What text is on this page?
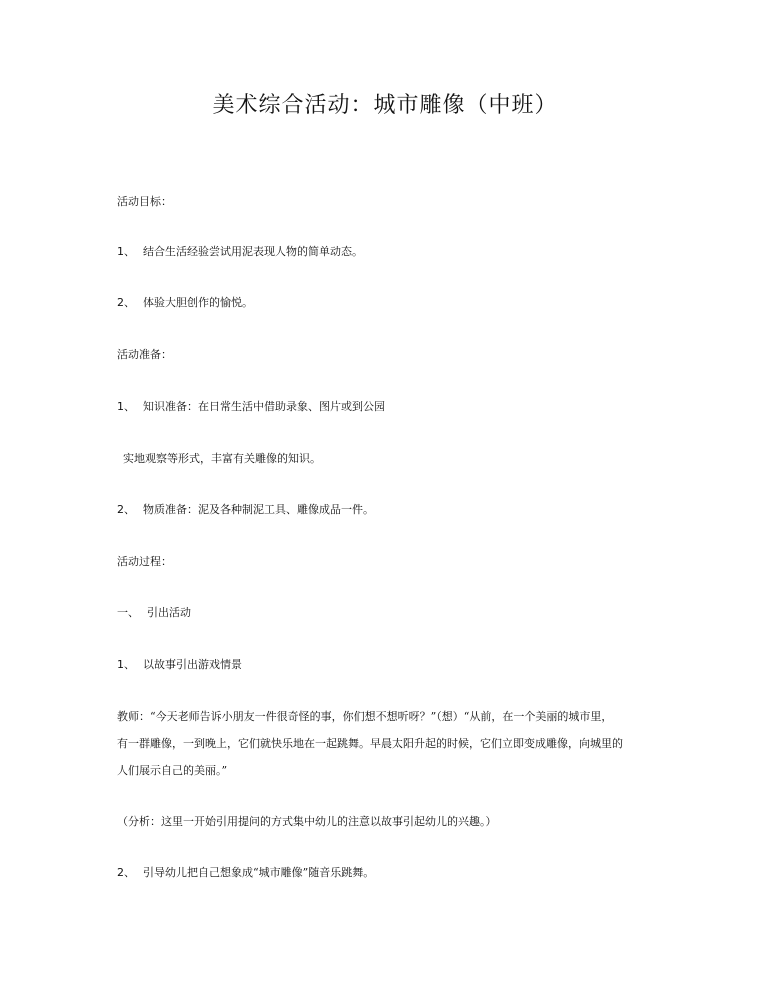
美术综合活动：城市雕像（中班）
活动目标：
1、 结合生活经验尝试用泥表现人物的简单动态。
2、 体验大胆创作的愉悦。
活动准备：
1、 知识准备：在日常生活中借助录象、图片或到公园
实地观察等形式，丰富有关雕像的知识。
2、 物质准备：泥及各种制泥工具、雕像成品一件。
活动过程：
一、 引出活动
1、 以故事引出游戏情景
教师：“今天老师告诉小朋友一件很奇怪的事，你们想不想听呀？”（想）“从前，在一个美丽的城市里，
有一群雕像，一到晚上，它们就快乐地在一起跳舞。早晨太阳升起的时候，它们立即变成雕像，向城里的
人们展示自己的美丽。”
（分析：这里一开始引用提问的方式集中幼儿的注意以故事引起幼儿的兴趣。）
2、 引导幼儿把自己想象成“城市雕像”随音乐跳舞。
